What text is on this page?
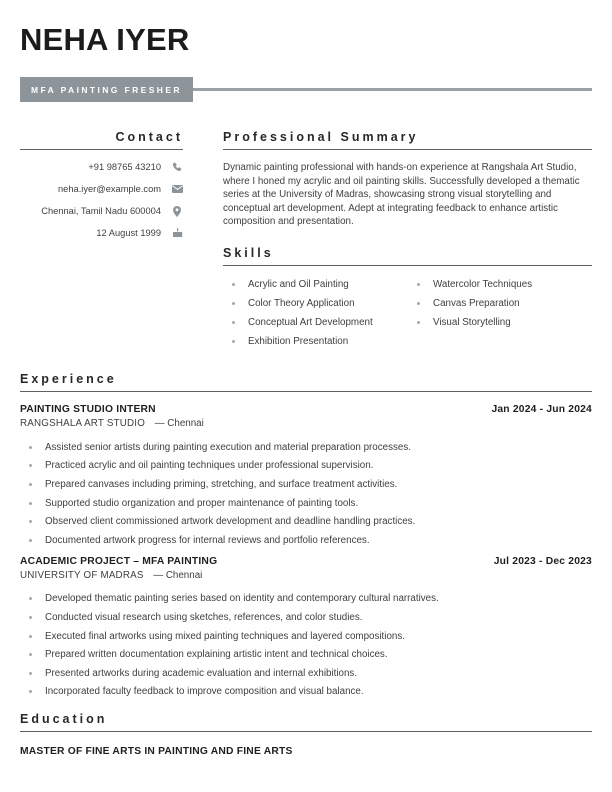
NEHA IYER
MFA PAINTING FRESHER
Contact
+91 98765 43210
neha.iyer@example.com
Chennai, Tamil Nadu 600004
12 August 1999
Professional Summary
Dynamic painting professional with hands-on experience at Rangshala Art Studio, where I honed my acrylic and oil painting skills. Successfully developed a thematic series at the University of Madras, showcasing strong visual storytelling and conceptual art development. Adept at integrating feedback to enhance artistic composition and presentation.
Skills
Acrylic and Oil Painting
Color Theory Application
Conceptual Art Development
Exhibition Presentation
Watercolor Techniques
Canvas Preparation
Visual Storytelling
Experience
PAINTING STUDIO INTERN	Jan 2024 - Jun 2024
RANGSHALA ART STUDIO — Chennai
Assisted senior artists during painting execution and material preparation processes.
Practiced acrylic and oil painting techniques under professional supervision.
Prepared canvases including priming, stretching, and surface treatment activities.
Supported studio organization and proper maintenance of painting tools.
Observed client commissioned artwork development and deadline handling practices.
Documented artwork progress for internal reviews and portfolio references.
ACADEMIC PROJECT – MFA PAINTING	Jul 2023 - Dec 2023
UNIVERSITY OF MADRAS — Chennai
Developed thematic painting series based on identity and contemporary cultural narratives.
Conducted visual research using sketches, references, and color studies.
Executed final artworks using mixed painting techniques and layered compositions.
Prepared written documentation explaining artistic intent and technical choices.
Presented artworks during academic evaluation and internal exhibitions.
Incorporated faculty feedback to improve composition and visual balance.
Education
MASTER OF FINE ARTS IN PAINTING AND FINE ARTS
